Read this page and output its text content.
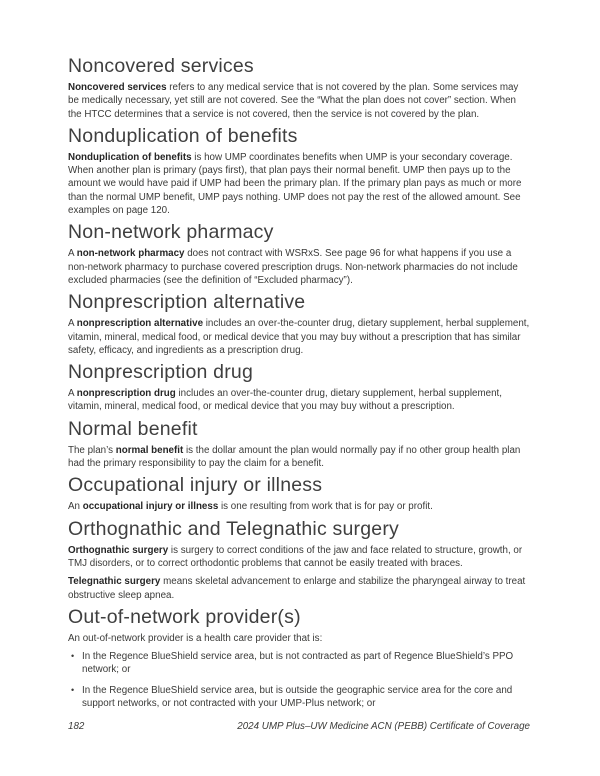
Noncovered services

Noncovered services refers to any medical service that is not covered by the plan. Some services may be medically necessary, yet still are not covered. See the “What the plan does not cover” section. When the HTCC determines that a service is not covered, then the service is not covered by the plan.

Nonduplication of benefits

Nonduplication of benefits is how UMP coordinates benefits when UMP is your secondary coverage. When another plan is primary (pays first), that plan pays their normal benefit. UMP then pays up to the amount we would have paid if UMP had been the primary plan. If the primary plan pays as much or more than the normal UMP benefit, UMP pays nothing. UMP does not pay the rest of the allowed amount. See examples on page 120.

Non-network pharmacy

A non-network pharmacy does not contract with WSRxS. See page 96 for what happens if you use a non-network pharmacy to purchase covered prescription drugs. Non-network pharmacies do not include excluded pharmacies (see the definition of “Excluded pharmacy”).

Nonprescription alternative

A nonprescription alternative includes an over-the-counter drug, dietary supplement, herbal supplement, vitamin, mineral, medical food, or medical device that you may buy without a prescription that has similar safety, efficacy, and ingredients as a prescription drug.

Nonprescription drug

A nonprescription drug includes an over-the-counter drug, dietary supplement, herbal supplement, vitamin, mineral, medical food, or medical device that you may buy without a prescription.

Normal benefit

The plan’s normal benefit is the dollar amount the plan would normally pay if no other group health plan had the primary responsibility to pay the claim for a benefit.

Occupational injury or illness

An occupational injury or illness is one resulting from work that is for pay or profit.

Orthognathic and Telegnathic surgery

Orthognathic surgery is surgery to correct conditions of the jaw and face related to structure, growth, or TMJ disorders, or to correct orthodontic problems that cannot be easily treated with braces.

Telegnathic surgery means skeletal advancement to enlarge and stabilize the pharyngeal airway to treat obstructive sleep apnea.

Out-of-network provider(s)

An out-of-network provider is a health care provider that is:

• In the Regence BlueShield service area, but is not contracted as part of Regence BlueShield’s PPO network; or
• In the Regence BlueShield service area, but is outside the geographic service area for the core and support networks, or not contracted with your UMP-Plus network; or
182	2024 UMP Plus–UW Medicine ACN (PEBB) Certificate of Coverage
